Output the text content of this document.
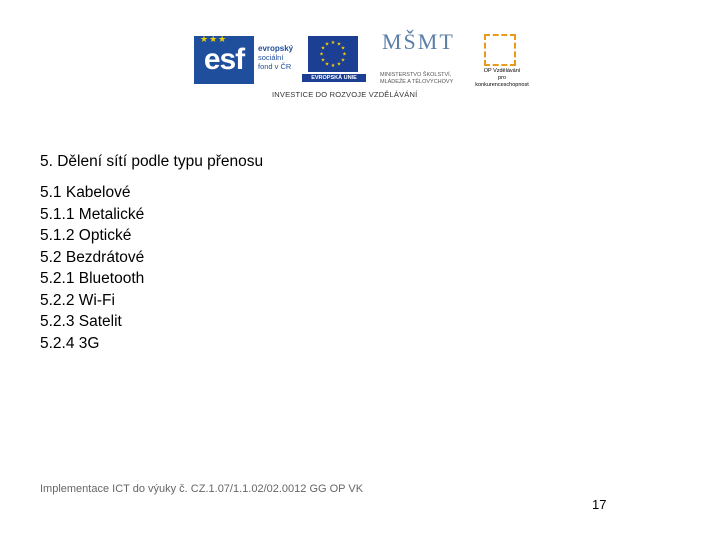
esf
★★★
evropský
sociální
fond v ČR
★ ★
★
★
★
★
★
★
★
★
★
★
EVROPSKÁ UNIE
MŠMT
MINISTERSTVO ŠKOLSTVÍ,
MLÁDEŽE A TĚLOVÝCHOVY
OP Vzdělávání
pro konkurenceschopnost
INVESTICE DO ROZVOJE VZDĚLÁVÁNÍ
5. Dělení sítí podle typu přenosu
5.1 Kabelové
5.1.1 Metalické
5.1.2 Optické
5.2 Bezdrátové
5.2.1 Bluetooth
5.2.2 Wi-Fi
5.2.3 Satelit
5.2.4 3G
Implementace ICT do výuky č. CZ.1.07/1.1.02/02.0012 GG OP VK
17
